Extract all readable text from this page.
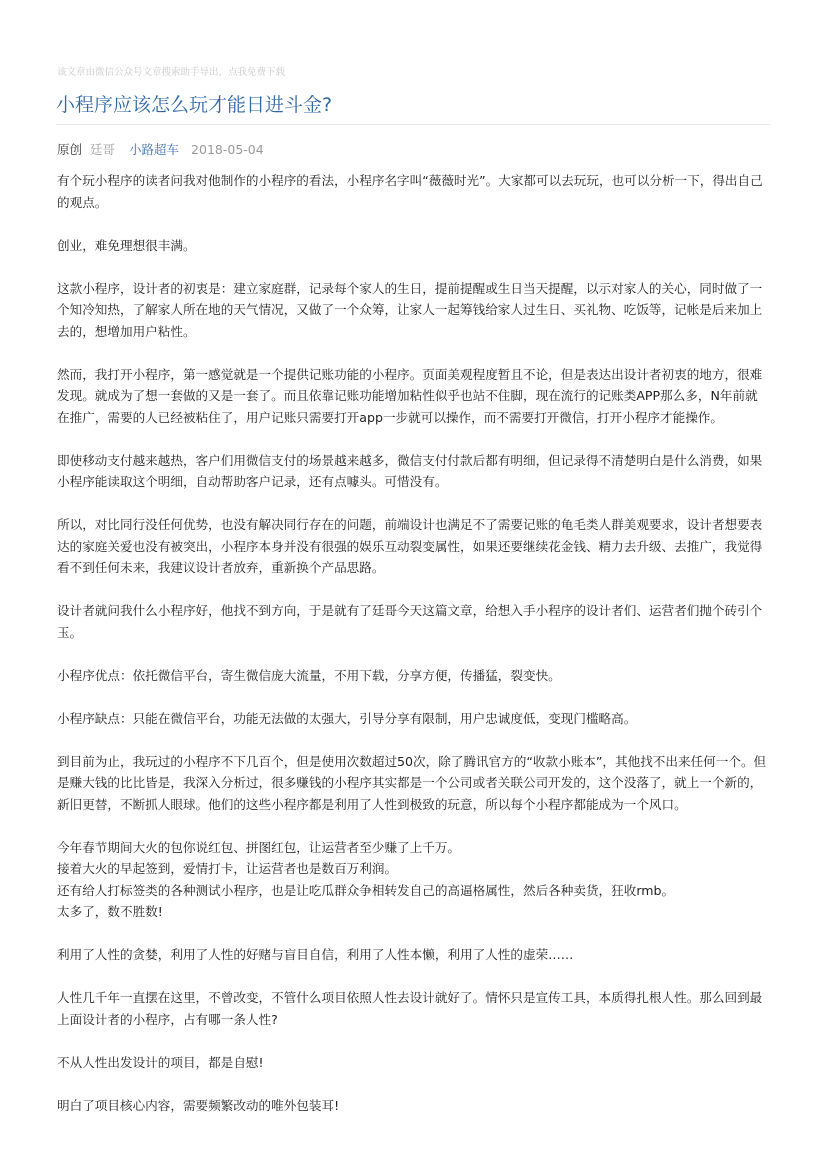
该文章由微信公众号文章搜索助手导出，点我免费下载
小程序应该怎么玩才能日进斗金?
原创 廷哥 小路超车 2018-05-04

有个玩小程序的读者问我对他制作的小程序的看法，小程序名字叫“薇薇时光”。大家都可以去玩玩，也可以分析一下，得出自己的观点。

创业，难免理想很丰满。

这款小程序，设计者的初衷是：建立家庭群，记录每个家人的生日，提前提醒或生日当天提醒，以示对家人的关心，同时做了一个知冷知热，了解家人所在地的天气情况，又做了一个众筹，让家人一起筹钱给家人过生日、买礼物、吃饭等，记帐是后来加上去的，想增加用户粘性。

然而，我打开小程序，第一感觉就是一个提供记账功能的小程序。页面美观程度暂且不论，但是表达出设计者初衷的地方，很难发现。就成为了想一套做的又是一套了。而且依靠记账功能增加粘性似乎也站不住脚，现在流行的记账类APP那么多，N年前就在推广，需要的人已经被粘住了，用户记账只需要打开app一步就可以操作，而不需要打开微信，打开小程序才能操作。

即使移动支付越来越热，客户们用微信支付的场景越来越多，微信支付付款后都有明细，但记录得不清楚明白是什么消费，如果小程序能读取这个明细，自动帮助客户记录，还有点噱头。可惜没有。

所以，对比同行没任何优势，也没有解决同行存在的问题，前端设计也满足不了需要记账的龟毛类人群美观要求，设计者想要表达的家庭关爱也没有被突出，小程序本身并没有很强的娱乐互动裂变属性，如果还要继续花金钱、精力去升级、去推广，我觉得看不到任何未来，我建议设计者放弃，重新换个产品思路。

设计者就问我什么小程序好，他找不到方向，于是就有了廷哥今天这篇文章，给想入手小程序的设计者们、运营者们抛个砖引个玉。

小程序优点：依托微信平台，寄生微信庞大流量，不用下载，分享方便，传播猛，裂变快。

小程序缺点：只能在微信平台，功能无法做的太强大，引导分享有限制，用户忠诚度低，变现门槛略高。

到目前为止，我玩过的小程序不下几百个，但是使用次数超过50次，除了腾讯官方的“收款小账本”，其他找不出来任何一个。但是赚大钱的比比皆是，我深入分析过，很多赚钱的小程序其实都是一个公司或者关联公司开发的，这个没落了，就上一个新的，新旧更替，不断抓人眼球。他们的这些小程序都是利用了人性到极致的玩意，所以每个小程序都能成为一个风口。

今年春节期间大火的包你说红包、拼图红包，让运营者至少赚了上千万。
接着大火的早起签到，爱情打卡，让运营者也是数百万利润。
还有给人打标签类的各种测试小程序，也是让吃瓜群众争相转发自己的高逼格属性，然后各种卖货，狂收rmb。
太多了，数不胜数!

利用了人性的贪婪，利用了人性的好赌与盲目自信，利用了人性本懒，利用了人性的虚荣……

人性几千年一直摆在这里，不曾改变，不管什么项目依照人性去设计就好了。情怀只是宣传工具，本质得扎根人性。那么回到最上面设计者的小程序，占有哪一条人性?

不从人性出发设计的项目，都是自慰!

明白了项目核心内容，需要频繁改动的唯外包装耳!
